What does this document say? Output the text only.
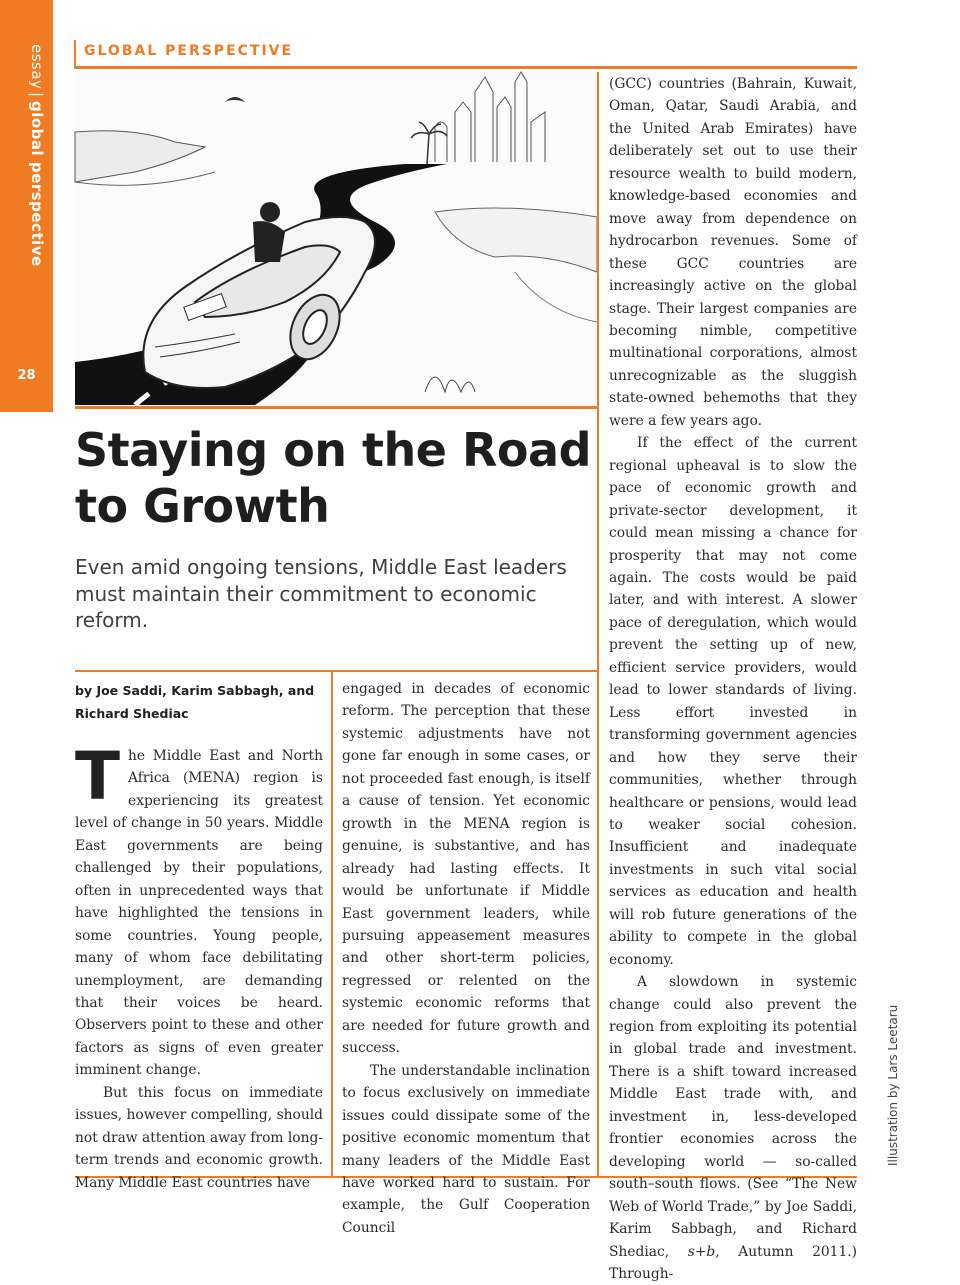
essay|global perspective
28
GLOBAL PERSPECTIVE
Staying on the Road to Growth

Even amid ongoing tensions, Middle East leaders must maintain their commitment to economic reform.

by Joe Saddi, Karim Sabbagh, and Richard Shediac

The Middle East and North Africa (MENA) region is experiencing its greatest level of change in 50 years. Middle East governments are being challenged by their populations, often in unprecedented ways that have highlighted the tensions in some countries. Young people, many of whom face debilitating unemployment, are demanding that their voices be heard. Observers point to these and other factors as signs of even greater imminent change.

But this focus on immediate issues, however compelling, should not draw attention away from long-term trends and economic growth. Many Middle East countries have

engaged in decades of economic reform. The perception that these systemic adjustments have not gone far enough in some cases, or not proceeded fast enough, is itself a cause of tension. Yet economic growth in the MENA region is genuine, is substantive, and has already had lasting effects. It would be unfortunate if Middle East government leaders, while pursuing appeasement measures and other short-term policies, regressed or relented on the systemic economic reforms that are needed for future growth and success.

The understandable inclination to focus exclusively on immediate issues could dissipate some of the positive economic momentum that many leaders of the Middle East have worked hard to sustain. For example, the Gulf Cooperation Council

(GCC) countries (Bahrain, Kuwait, Oman, Qatar, Saudi Arabia, and the United Arab Emirates) have deliberately set out to use their resource wealth to build modern, knowledge-based economies and move away from dependence on hydrocarbon revenues. Some of these GCC countries are increasingly active on the global stage. Their largest companies are becoming nimble, competitive multinational corporations, almost unrecognizable as the sluggish state-owned behemoths that they were a few years ago.

If the effect of the current regional upheaval is to slow the pace of economic growth and private-sector development, it could mean missing a chance for prosperity that may not come again. The costs would be paid later, and with interest. A slower pace of deregulation, which would prevent the setting up of new, efficient service providers, would lead to lower standards of living. Less effort invested in transforming government agencies and how they serve their communities, whether through healthcare or pensions, would lead to weaker social cohesion. Insufficient and inadequate investments in such vital social services as education and health will rob future generations of the ability to compete in the global economy.

A slowdown in systemic change could also prevent the region from exploiting its potential in global trade and investment. There is a shift toward increased Middle East trade with, and investment in, less-developed frontier economies across the developing world — so-called south–south flows. (See “The New Web of World Trade,” by Joe Saddi, Karim Sabbagh, and Richard Shediac, s+b, Autumn 2011.) Through-

Illustration by Lars Leetaru
